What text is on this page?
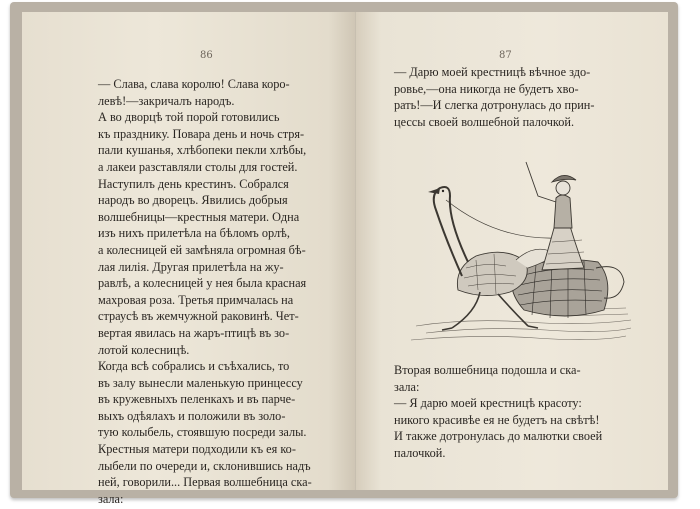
86
— Слава, слава королю! Слава коро-
левѣ!—закричалъ народъ.
А во дворцѣ той порой готовились
къ празднику. Повара день и ночь стря-
пали кушанья, хлѣбопеки пекли хлѣбы,
а лакеи разставляли столы для гостей.
Наступилъ день крестинъ. Собрался
народъ во дворецъ. Явились добрыя
волшебницы—крестныя матери. Одна
изъ нихъ прилетѣла на бѣломъ орлѣ,
а колесницей ей замѣняла огромная бѣ-
лая лилія. Другая прилетѣла на жу-
равлѣ, а колесницей у нея была красная
махровая роза. Третья примчалась на
страусѣ въ жемчужной раковинѣ. Чет-
вертая явилась на жаръ-птицѣ въ зо-
лотой колесницѣ.
Когда всѣ собрались и съѣхались, то
въ залу вынесли маленькую принцессу
въ кружевныхъ пеленкахъ и въ парче-
выхъ одѣялахъ и положили въ золо-
тую колыбель, стоявшую посреди залы.
Крестныя матери подходили къ ея ко-
лыбели по очереди и, склонившись надъ
ней, говорили... Первая волшебница ска-
зала:
87
— Дарю моей крестницѣ вѣчное здо-
ровье,—она никогда не будетъ хво-
рать!—И слегка дотронулась до прин-
цессы своей волшебной палочкой.
Вторая волшебница подошла и ска-
зала:
— Я дарю моей крестницѣ красоту:
никого красивѣе ея не будетъ на свѣтѣ!
И также дотронулась до малютки своей
палочкой.
